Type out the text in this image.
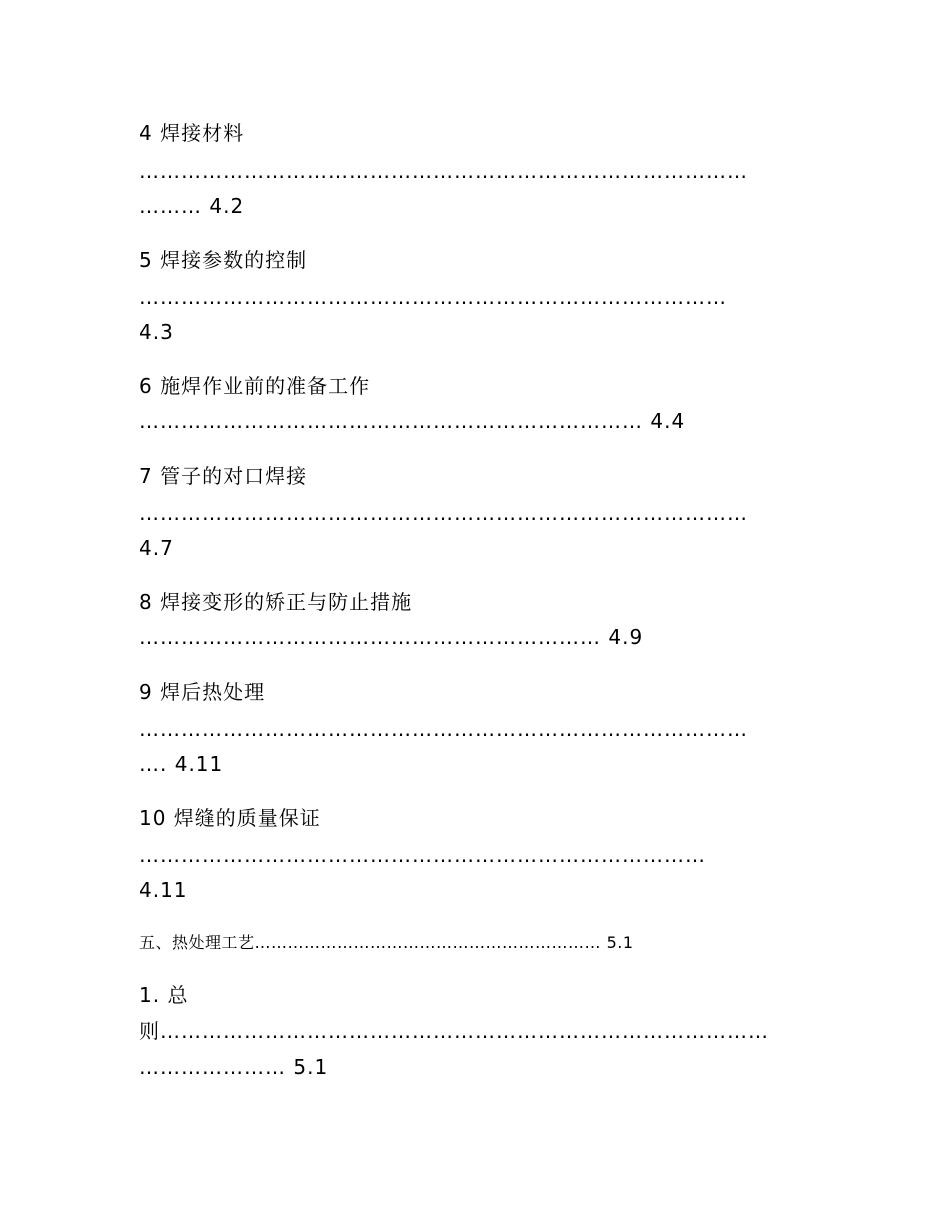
4 焊接材料
……………………………………………………………………………
……… 4.2
5 焊接参数的控制
…………………………………………………………………………
4.3
6 施焊作业前的准备工作
……………………………………………………………… 4.4
7 管子的对口焊接
……………………………………………………………………………
4.7
8 焊接变形的矫正与防止措施
………………………………………………………… 4.9
9 焊后热处理
……………………………………………………………………………
…. 4.11
10 焊缝的质量保证
………………………………………………………………………
4.11
五、热处理工艺……………………………………………………… 5.1
1. 总
则……………………………………………………………………………
………………… 5.1
